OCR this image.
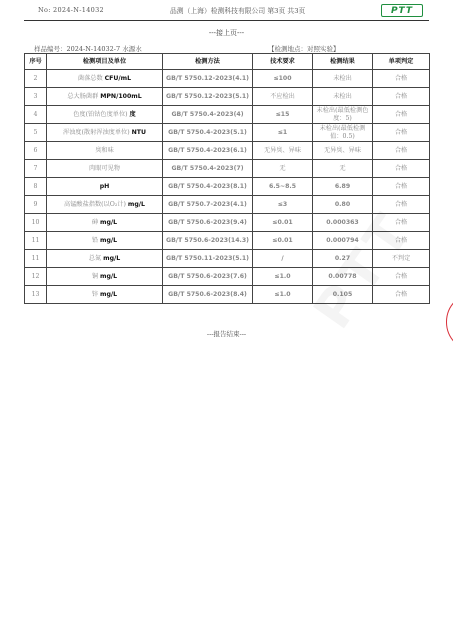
No: 2024-N-14032	品测（上海）检测科技有限公司 第3页 共3页	PTT
---接上页---
样品编号：2024-N-14032-7 水源水	【检测地点：对照实验】
序号	检测项目及单位	检测方法	技术要求	检测结果	单项判定
2	菌落总数 CFU/mL	GB/T 5750.12-2023(4.1)	≤100	未检出	合格
3	总大肠菌群 MPN/100mL	GB/T 5750.12-2023(5.1)	不应检出	未检出	合格
4	色度(铂钴色度单位) 度	GB/T 5750.4-2023(4)	≤15	未检出(最低检测色度：5)	合格
5	浑浊度(散射浑浊度单位) NTU	GB/T 5750.4-2023(5.1)	≤1	未检出(最低检测值：0.5)	合格
6	臭和味	GB/T 5750.4-2023(6.1)	无异臭、异味	无异臭、异味	合格
7	肉眼可见物	GB/T 5750.4-2023(7)	无	无	合格
8	pH	GB/T 5750.4-2023(8.1)	6.5~8.5	6.89	合格
9	高锰酸盐指数(以O₂计) mg/L	GB/T 5750.7-2023(4.1)	≤3	0.80	合格
10	砷 mg/L	GB/T 5750.6-2023(9.4)	≤0.01	0.000363	合格
11	铅 mg/L	GB/T 5750.6-2023(14.3)	≤0.01	0.000794	合格
11	总氮 mg/L	GB/T 5750.11-2023(5.1)	/	0.27	不判定
12	铜 mg/L	GB/T 5750.6-2023(7.6)	≤1.0	0.00778	合格
13	锌 mg/L	GB/T 5750.6-2023(8.4)	≤1.0	0.105	合格
---报告结束---
